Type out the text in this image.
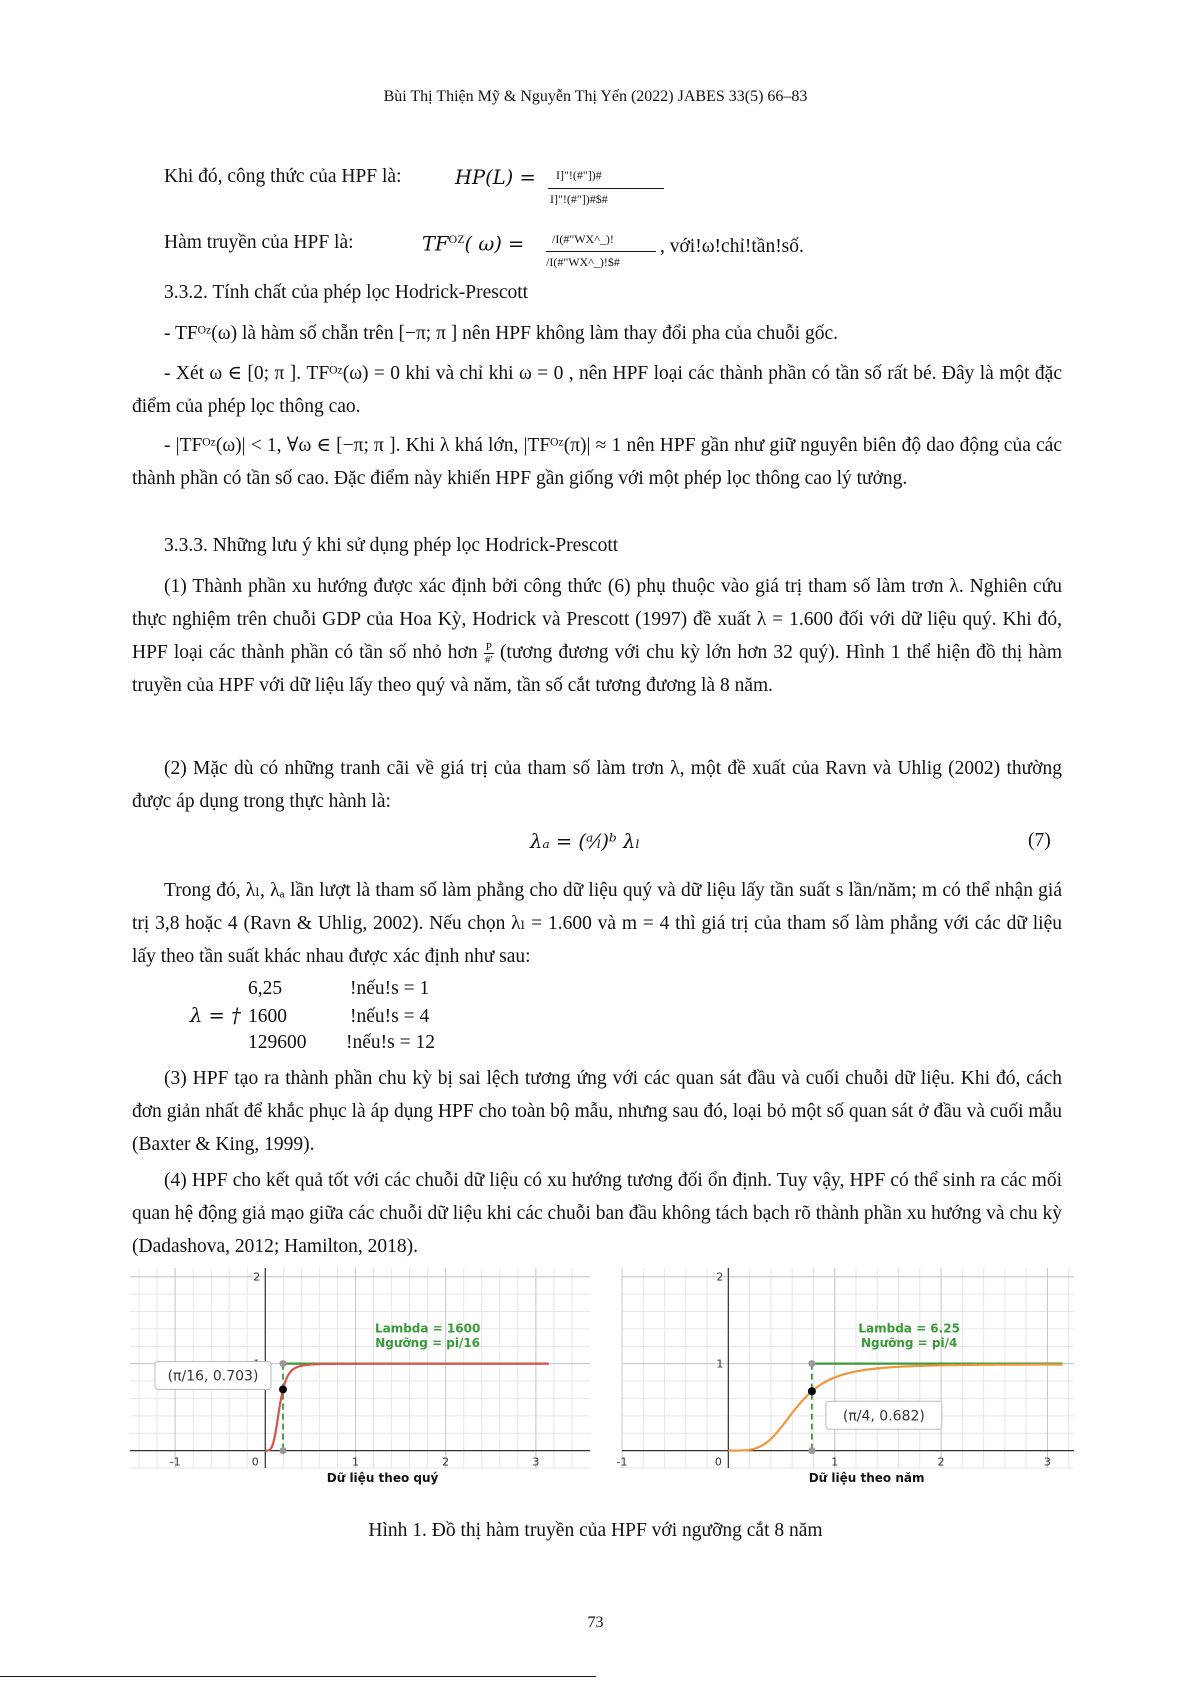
Bùi Thị Thiện Mỹ & Nguyễn Thị Yến (2022) JABES 33(5) 66–83
Khi đó, công thức của HPF là:	HP(L) = I]"!(#"])#
I]"!(#"])#$#
Hàm truyền của HPF là:	$TF^{OZ}$( ω) = /I(#"WX^_)!
/I(#"WX^_)!$#
, với!ω!chỉ!tần!số.
3.3.2. Tính chất của phép lọc Hodrick-Prescott

- TFᴼᶻ(ω) là hàm số chẵn trên [−π; π ] nên HPF không làm thay đổi pha của chuỗi gốc.

- Xét ω ∈ [0; π ]. TFᴼᶻ(ω) = 0 khi và chỉ khi ω = 0 , nên HPF loại các thành phần có tần số rất bé. Đây là một đặc điểm của phép lọc thông cao.

- |TFᴼᶻ(ω)| < 1, ∀ω ∈ [−π; π ]. Khi λ khá lớn, |TFᴼᶻ(π)| ≈ 1 nên HPF gần như giữ nguyên biên độ dao động của các thành phần có tần số cao. Đặc điểm này khiến HPF gần giống với một phép lọc thông cao lý tưởng.

3.3.3. Những lưu ý khi sử dụng phép lọc Hodrick-Prescott

(1) Thành phần xu hướng được xác định bởi công thức (6) phụ thuộc vào giá trị tham số làm trơn λ. Nghiên cứu thực nghiệm trên chuỗi GDP của Hoa Kỳ, Hodrick và Prescott (1997) đề xuất λ = 1.600 đối với dữ liệu quý. Khi đó, HPF loại các thành phần có tần số nhỏ hơn P
#' (tương đương với chu kỳ lớn hơn 32 quý). Hình 1 thể hiện đồ thị hàm truyền của HPF với dữ liệu lấy theo quý và năm, tần số cắt tương đương là 8 năm.

(2) Mặc dù có những tranh cãi về giá trị của tham số làm trơn λ, một đề xuất của Ravn và Uhlig (2002) thường được áp dụng trong thực hành là:

λₐ = (ᵃ⁄ₗ)ᵇ λₗ	(7)

Trong đó, λₗ, λₐ lần lượt là tham số làm phẳng cho dữ liệu quý và dữ liệu lấy tần suất s lần/năm; m có thể nhận giá trị 3,8 hoặc 4 (Ravn & Uhlig, 2002). Nếu chọn λₗ = 1.600 và m = 4 thì giá trị của tham số làm phẳng với các dữ liệu lấy theo tần suất khác nhau được xác định như sau:

λ = †
6,25	!nếu!s = 1
1600	!nếu!s = 4
129600 !nếu!s = 12

(3) HPF tạo ra thành phần chu kỳ bị sai lệch tương ứng với các quan sát đầu và cuối chuỗi dữ liệu. Khi đó, cách đơn giản nhất để khắc phục là áp dụng HPF cho toàn bộ mẫu, nhưng sau đó, loại bỏ một số quan sát ở đầu và cuối mẫu (Baxter & King, 1999).

(4) HPF cho kết quả tốt với các chuỗi dữ liệu có xu hướng tương đối ổn định. Tuy vậy, HPF có thể sinh ra các mối quan hệ động giả mạo giữa các chuỗi dữ liệu khi các chuỗi ban đầu không tách bạch rõ thành phần xu hướng và chu kỳ (Dadashova, 2012; Hamilton, 2018).

-1	0	1	2	3
2
(π/16, 0.703)
Lambda = 1600
Ngưỡng = pi/16
Dữ liệu theo quý
-1	0	1	2	3
1
2
(π/4, 0.682)
Lambda = 6.25
Ngưỡng = pi/4
Dữ liệu theo năm
Hình 1. Đồ thị hàm truyền của HPF với ngưỡng cắt 8 năm
73
